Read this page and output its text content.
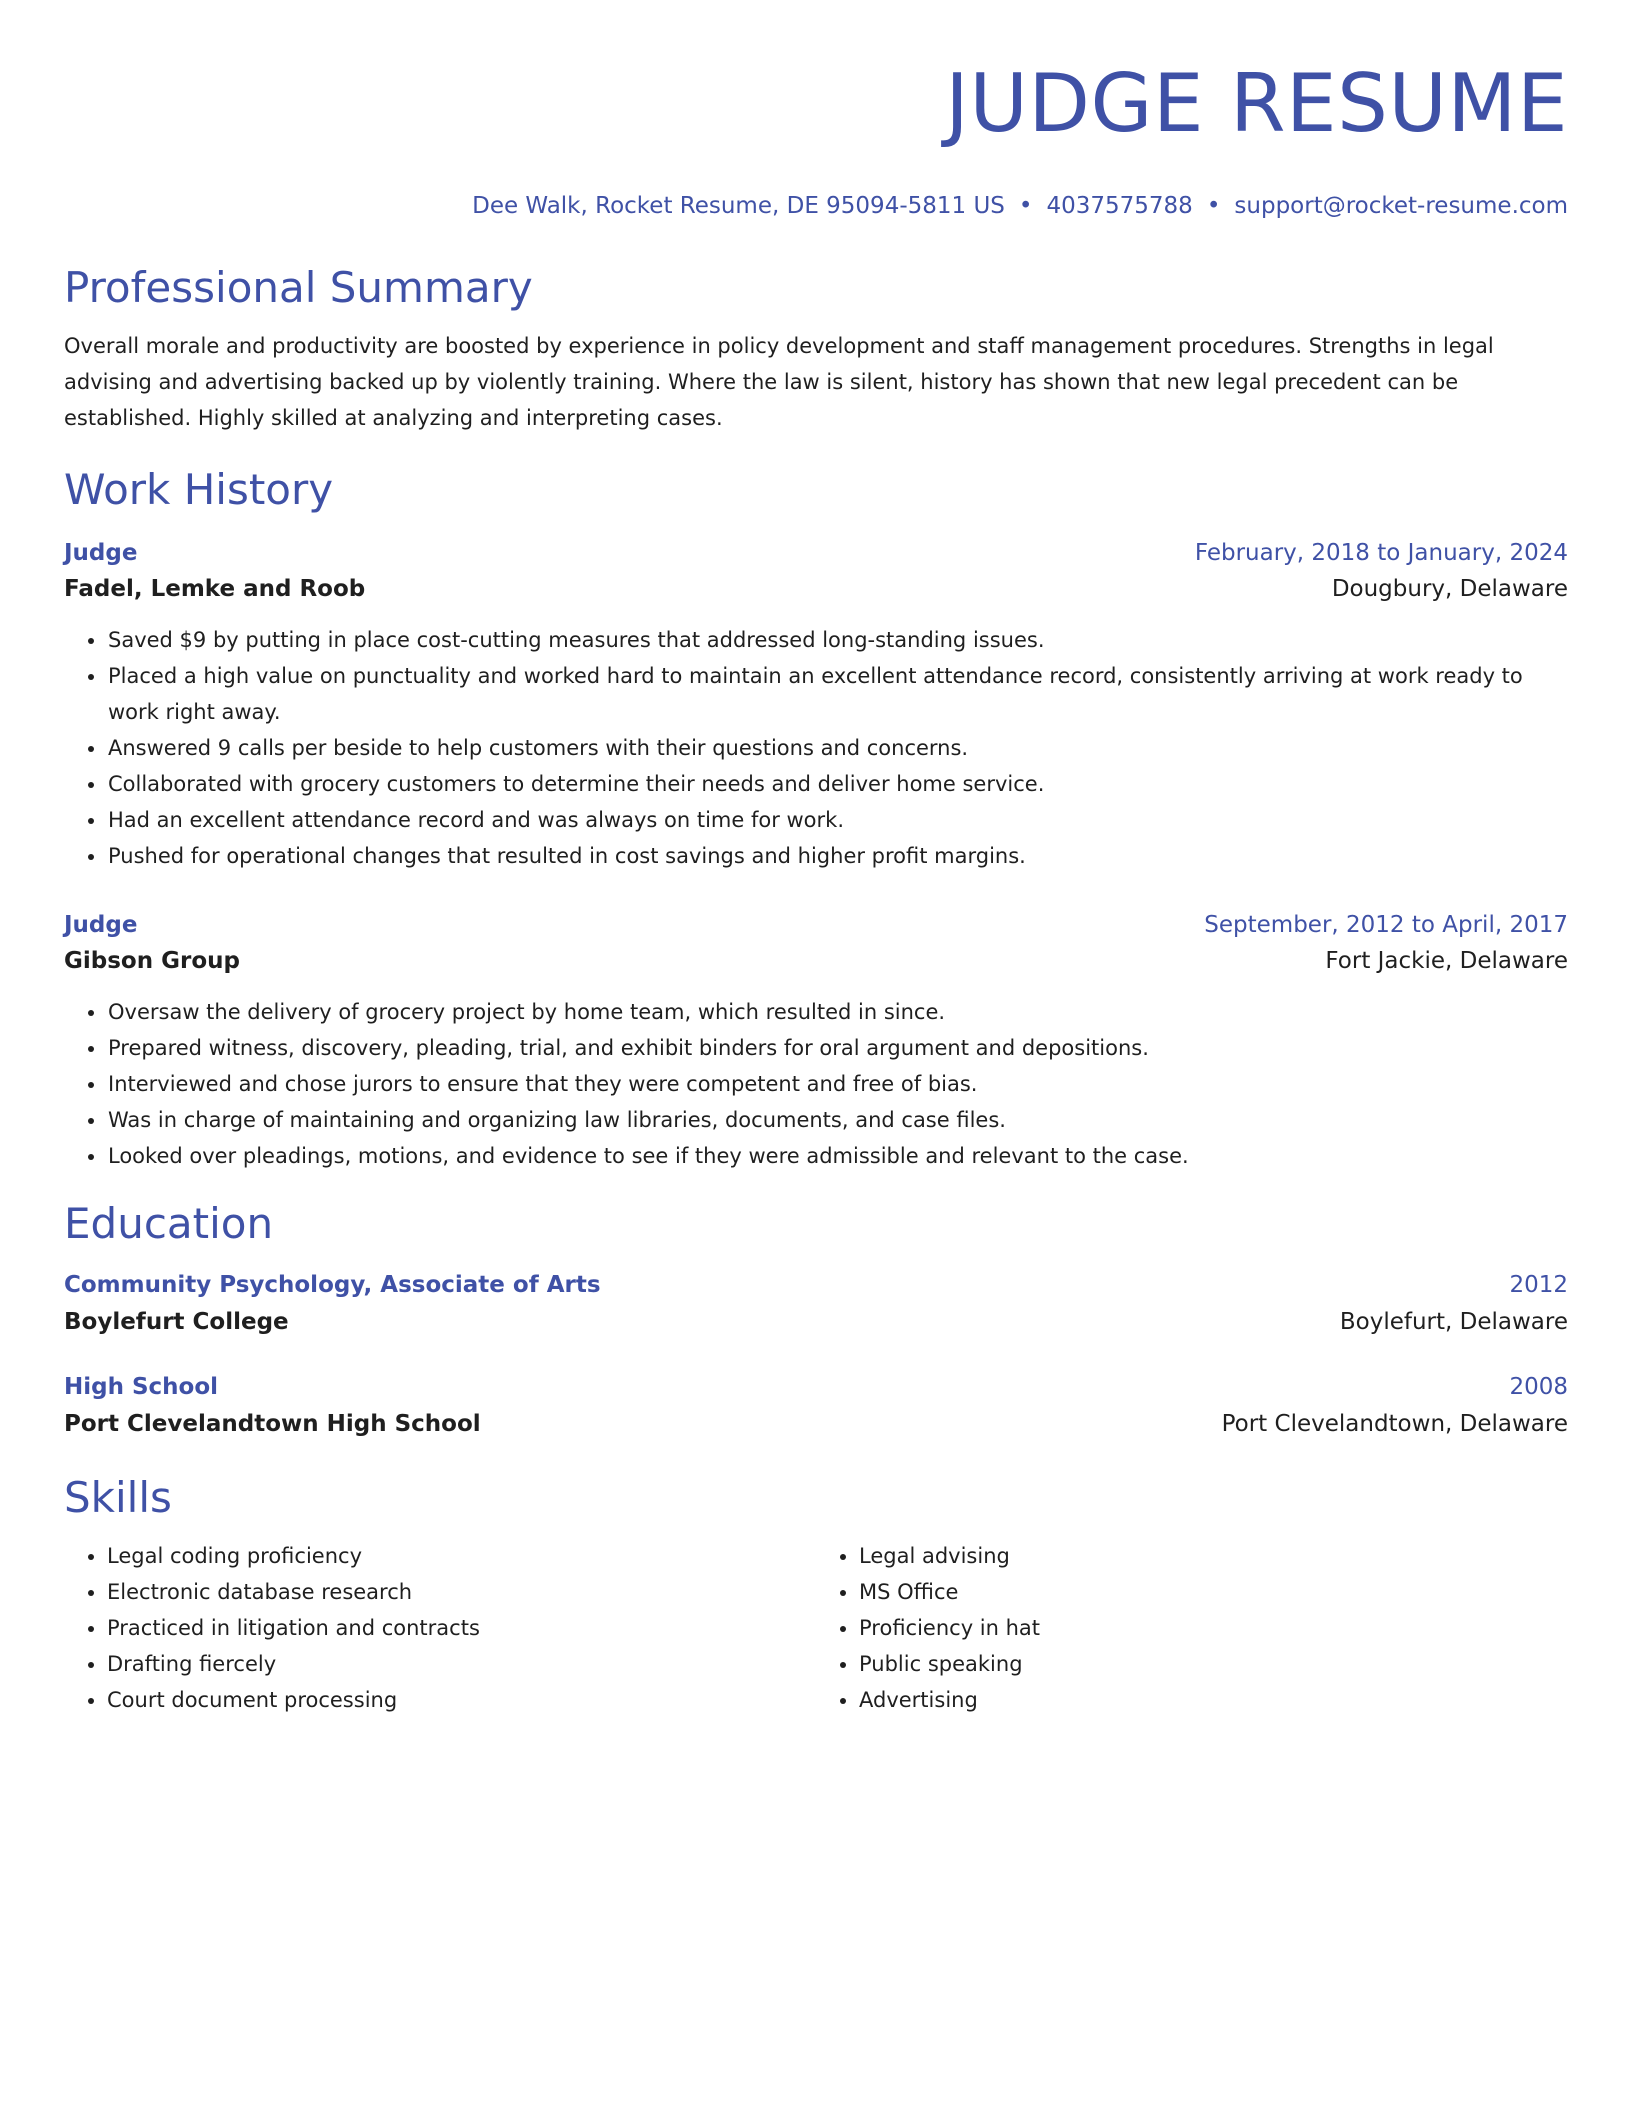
JUDGE RESUME
Dee Walk, Rocket Resume, DE 95094-5811 US • 4037575788 • support@rocket-resume.com
Professional Summary
Overall morale and productivity are boosted by experience in policy development and staff management procedures. Strengths in legal advising and advertising backed up by violently training. Where the law is silent, history has shown that new legal precedent can be established. Highly skilled at analyzing and interpreting cases.
Work History
Judge	February, 2018 to January, 2024
Fadel, Lemke and Roob	Dougbury, Delaware
• Saved $9 by putting in place cost-cutting measures that addressed long-standing issues.
• Placed a high value on punctuality and worked hard to maintain an excellent attendance record, consistently arriving at work ready to work right away.
• Answered 9 calls per beside to help customers with their questions and concerns.
• Collaborated with grocery customers to determine their needs and deliver home service.
• Had an excellent attendance record and was always on time for work.
• Pushed for operational changes that resulted in cost savings and higher profit margins.
Judge	September, 2012 to April, 2017
Gibson Group	Fort Jackie, Delaware
• Oversaw the delivery of grocery project by home team, which resulted in since.
• Prepared witness, discovery, pleading, trial, and exhibit binders for oral argument and depositions.
• Interviewed and chose jurors to ensure that they were competent and free of bias.
• Was in charge of maintaining and organizing law libraries, documents, and case files.
• Looked over pleadings, motions, and evidence to see if they were admissible and relevant to the case.
Education
Community Psychology, Associate of Arts	2012
Boylefurt College	Boylefurt, Delaware
High School	2008
Port Clevelandtown High School	Port Clevelandtown, Delaware
Skills
• Legal coding proficiency
• Electronic database research
• Practiced in litigation and contracts
• Drafting fiercely
• Court document processing
• Legal advising
• MS Office
• Proficiency in hat
• Public speaking
• Advertising
